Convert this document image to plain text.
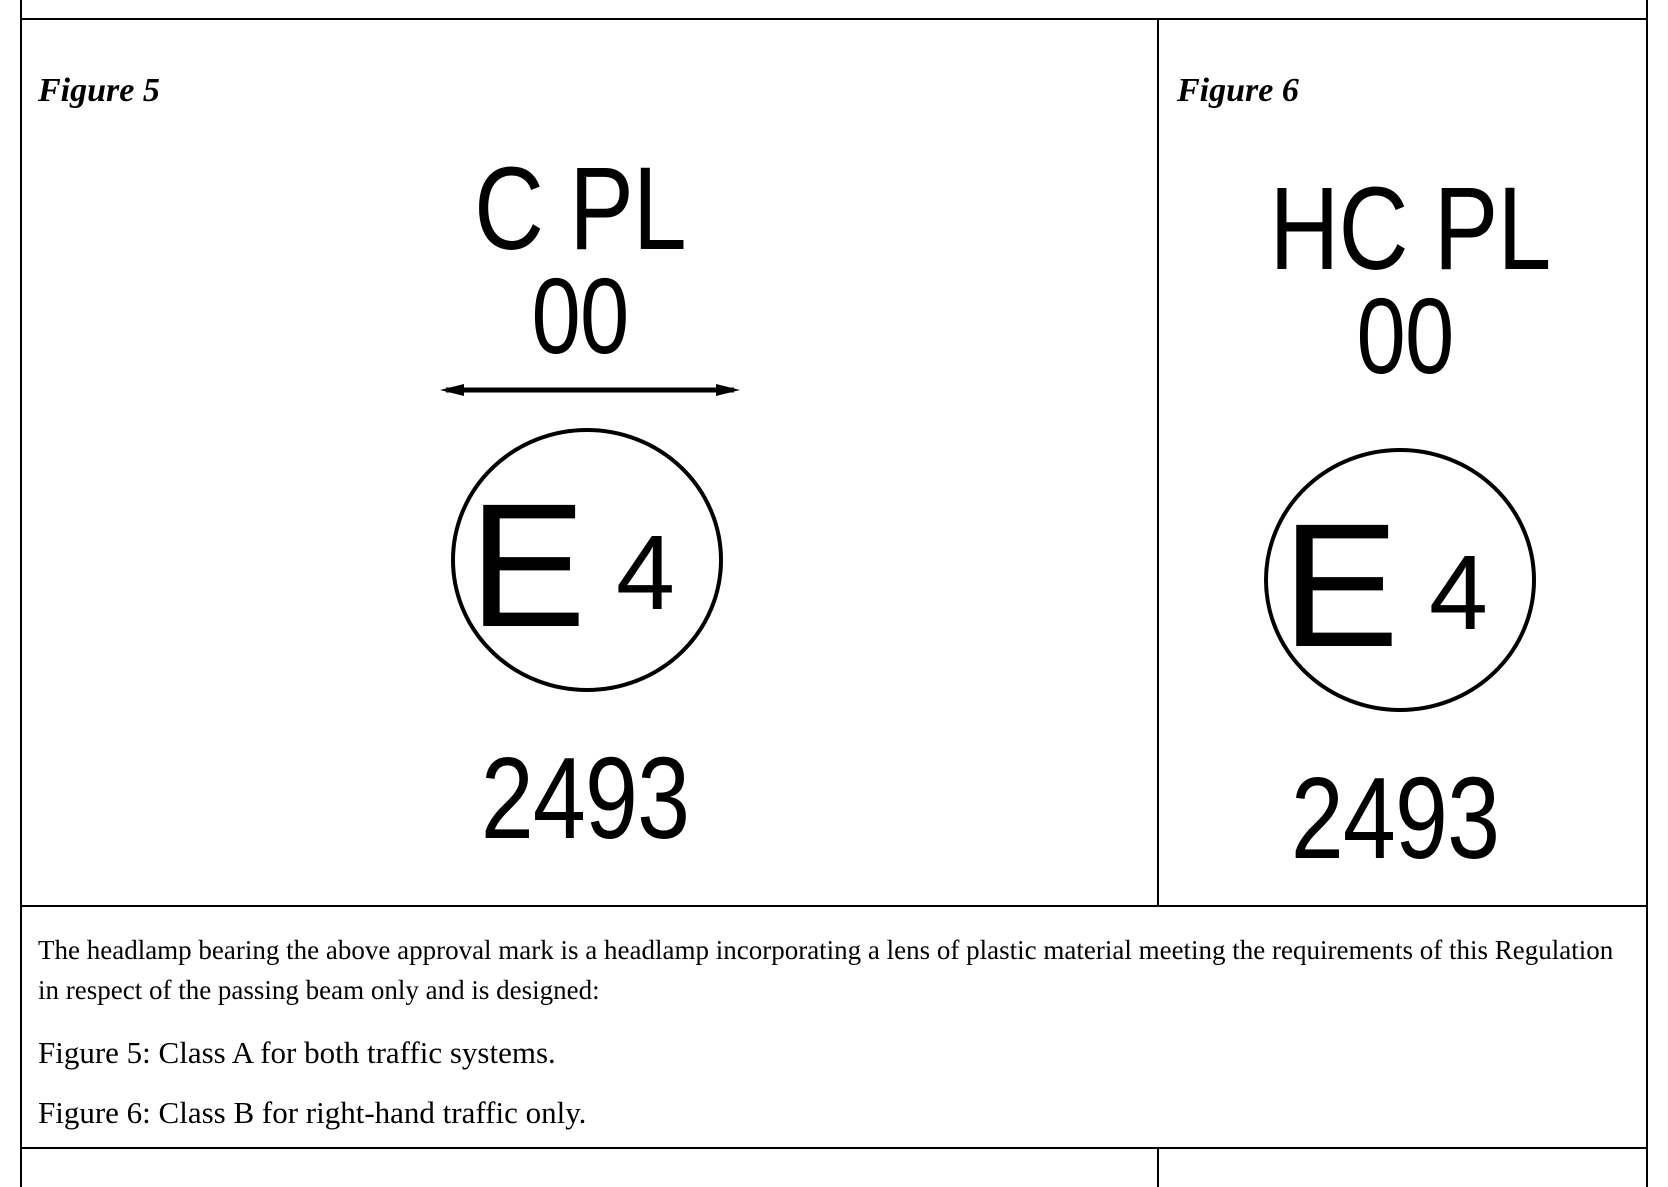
Figure 5
C PL
00
E 4
2493
Figure 6
HC PL
00
E 4
2493
The headlamp bearing the above approval mark is a headlamp incorporating a lens of plastic material meeting the requirements of this Regulation in respect of the passing beam only and is designed:
Figure 5: Class A for both traffic systems.
Figure 6: Class B for right-hand traffic only.
